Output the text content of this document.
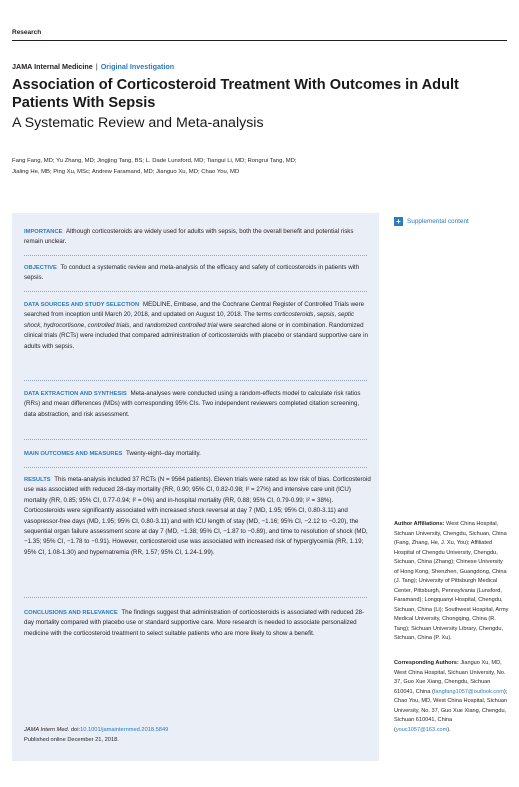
Research
JAMA Internal Medicine | Original Investigation
Association of Corticosteroid Treatment With Outcomes in Adult Patients With Sepsis
A Systematic Review and Meta-analysis
Fang Fang, MD; Yu Zhang, MD; Jingjing Tang, BS; L. Dade Lunsford, MD; Tiangui Li, MD; Rongrui Tang, MD;
Jialing He, MB; Ping Xu, MSc; Andrew Faramand, MD; Jianguo Xu, MD; Chao You, MD
IMPORTANCE Although corticosteroids are widely used for adults with sepsis, both the overall benefit and potential risks remain unclear.
OBJECTIVE To conduct a systematic review and meta-analysis of the efficacy and safety of corticosteroids in patients with sepsis.
DATA SOURCES AND STUDY SELECTION MEDLINE, Embase, and the Cochrane Central Register of Controlled Trials were searched from inception until March 20, 2018, and updated on August 10, 2018. The terms corticosteroids, sepsis, septic shock, hydrocortisone, controlled trials, and randomized controlled trial were searched alone or in combination. Randomized clinical trials (RCTs) were included that compared administration of corticosteroids with placebo or standard supportive care in adults with sepsis.
DATA EXTRACTION AND SYNTHESIS Meta-analyses were conducted using a random-effects model to calculate risk ratios (RRs) and mean differences (MDs) with corresponding 95% CIs. Two independent reviewers completed citation screening, data abstraction, and risk assessment.
MAIN OUTCOMES AND MEASURES Twenty-eight–day mortality.
RESULTS This meta-analysis included 37 RCTs (N = 9564 patients). Eleven trials were rated as low risk of bias. Corticosteroid use was associated with reduced 28-day mortality (RR, 0.90; 95% CI, 0.82-0.98; I² = 27%) and intensive care unit (ICU) mortality (RR, 0.85; 95% CI, 0.77-0.94; I² = 0%) and in-hospital mortality (RR, 0.88; 95% CI, 0.79-0.99; I² = 38%). Corticosteroids were significantly associated with increased shock reversal at day 7 (MD, 1.95; 95% CI, 0.80-3.11) and vasopressor-free days (MD, 1.95; 95% CI, 0.80-3.11) and with ICU length of stay (MD, −1.16; 95% CI, −2.12 to −0.20), the sequential organ failure assessment score at day 7 (MD, −1.38; 95% CI, −1.87 to −0.89), and time to resolution of shock (MD, −1.35; 95% CI, −1.78 to −0.91). However, corticosteroid use was associated with increased risk of hyperglycemia (RR, 1.19; 95% CI, 1.08-1.30) and hypernatremia (RR, 1.57; 95% CI, 1.24-1.99).
CONCLUSIONS AND RELEVANCE The findings suggest that administration of corticosteroids is associated with reduced 28-day mortality compared with placebo use or standard supportive care. More research is needed to associate personalized medicine with the corticosteroid treatment to select suitable patients who are more likely to show a benefit.
JAMA Intern Med. doi:10.1001/jamainternmed.2018.5849
Published online December 21, 2018.
+ Supplemental content
Author Affiliations: West China Hospital, Sichuan University, Chengdu, Sichuan, China (Fang, Zhang, He, J. Xu, You); Affiliated Hospital of Chengdu University, Chengdu, Sichuan, China (Zhang); Chinese University of Hong Kong, Shenzhen, Guangdong, China (J. Tang); University of Pittsburgh Medical Center, Pittsburgh, Pennsylvania (Lunsford, Faramand); Longquanyi Hospital, Chengdu, Sichuan, China (Li); Southwest Hospital, Army Medical University, Chongqing, China (R. Tang); Sichuan University Library, Chengdu, Sichuan, China (P. Xu).
Corresponding Authors: Jianguo Xu, MD, West China Hospital, Sichuan University, No. 37, Guo Xue Xiang, Chengdu, Sichuan 610041, China (fangfang1057@outlook.com); Chao You, MD, West China Hospital, Sichuan University, No. 37, Guo Xue Xiang, Chengdu, Sichuan 610041, China (youc1057@163.com).
